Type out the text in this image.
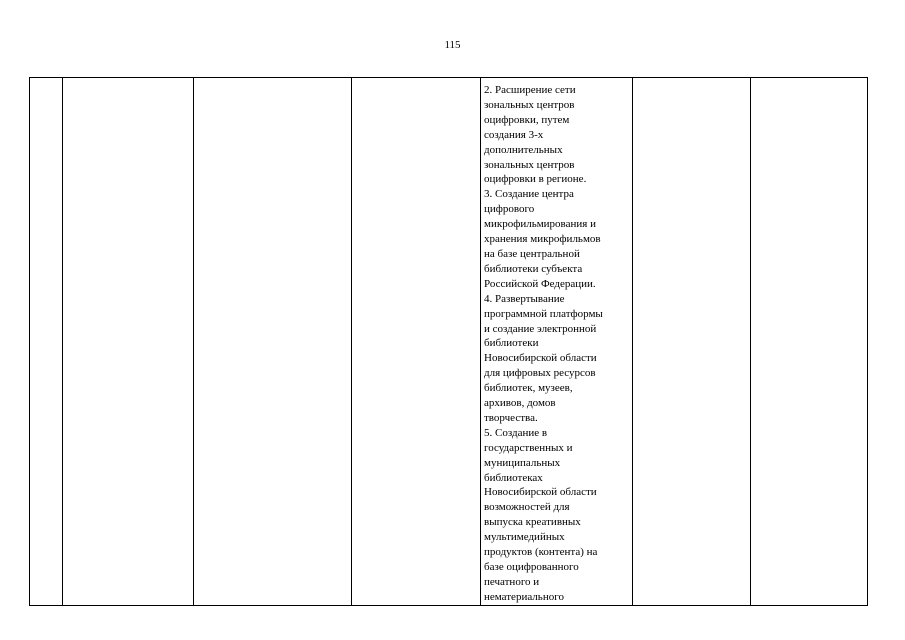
115

2. Расширение сети
зональных центров
оцифровки, путем
создания 3-х
дополнительных
зональных центров
оцифровки в регионе.
3. Создание центра
цифрового
микрофильмирования и
хранения микрофильмов
на базе центральной
библиотеки субъекта
Российской Федерации.
4. Развертывание
программной платформы
и создание электронной
библиотеки
Новосибирской области
для цифровых ресурсов
библиотек, музеев,
архивов, домов
творчества.
5. Создание в
государственных и
муниципальных
библиотеках
Новосибирской области
возможностей для
выпуска креативных
мультимедийных
продуктов (контента) на
базе оцифрованного
печатного и
нематериального
